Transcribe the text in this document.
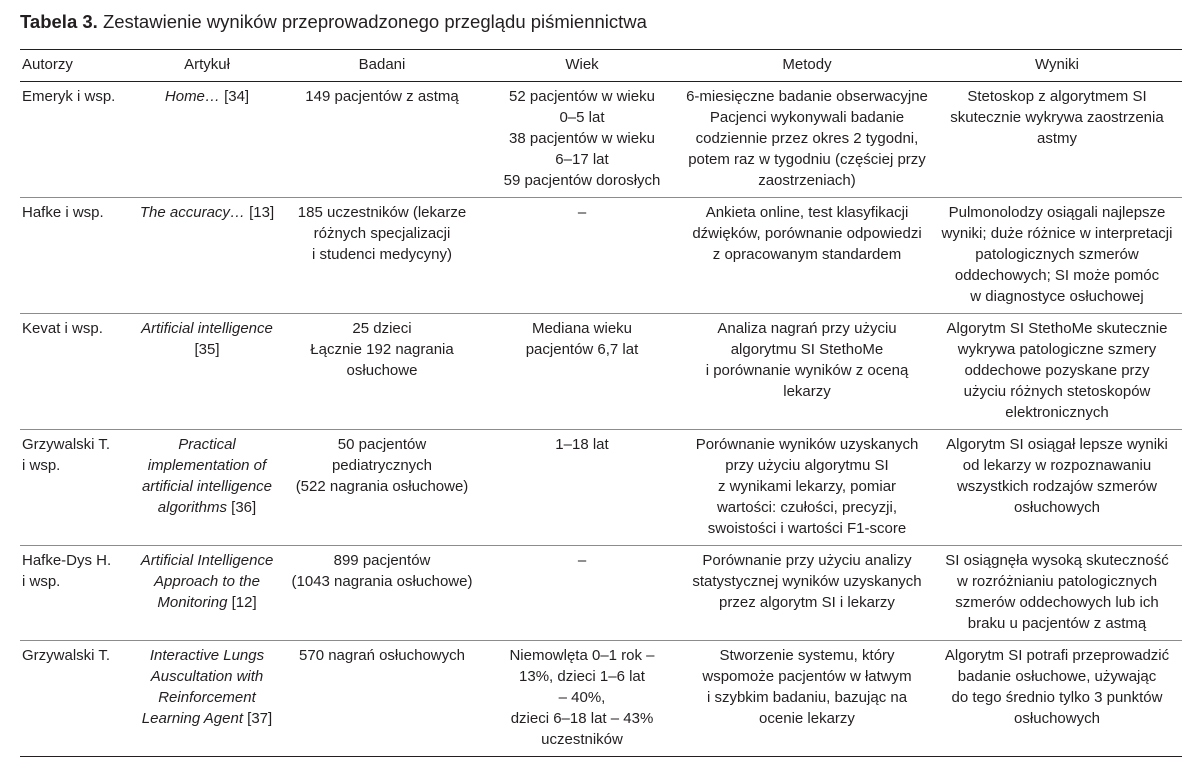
Tabela 3. Zestawienie wyników przeprowadzonego przeglądu piśmiennictwa
Autorzy	Artykuł	Badani	Wiek	Metody	Wyniki

Emeryk i wsp.	Home… [34]	149 pacjentów z astmą	52 pacjentów w wieku
0–5 lat
38 pacjentów w wieku
6–17 lat
59 pacjentów dorosłych	6-miesięczne badanie obserwacyjne
Pacjenci wykonywali badanie
codziennie przez okres 2 tygodni,
potem raz w tygodniu (częściej przy
zaostrzeniach)	Stetoskop z algorytmem SI
skutecznie wykrywa zaostrzenia
astmy

Hafke i wsp.	The accuracy… [13]	185 uczestników (lekarze
różnych specjalizacji
i studenci medycyny)	–	Ankieta online, test klasyfikacji
dźwięków, porównanie odpowiedzi
z opracowanym standardem	Pulmonolodzy osiągali najlepsze
wyniki; duże różnice w interpretacji
patologicznych szmerów
oddechowych; SI może pomóc
w diagnostyce osłuchowej

Kevat i wsp.	Artificial intelligence [35]	25 dzieci
Łącznie 192 nagrania
osłuchowe	Mediana wieku
pacjentów 6,7 lat	Analiza nagrań przy użyciu
algorytmu SI StethoMe
i porównanie wyników z oceną
lekarzy	Algorytm SI StethoMe skutecznie
wykrywa patologiczne szmery
oddechowe pozyskane przy
użyciu różnych stetoskopów
elektronicznych

Grzywalski T.
i wsp.	Practical
implementation of
artificial intelligence
algorithms [36]	50 pacjentów
pediatrycznych
(522 nagrania osłuchowe)	1–18 lat	Porównanie wyników uzyskanych
przy użyciu algorytmu SI
z wynikami lekarzy, pomiar
wartości: czułości, precyzji,
swoistości i wartości F1-score	Algorytm SI osiągał lepsze wyniki
od lekarzy w rozpoznawaniu
wszystkich rodzajów szmerów
osłuchowych

Hafke-Dys H.
i wsp.	Artificial Intelligence
Approach to the
Monitoring [12]	899 pacjentów
(1043 nagrania osłuchowe)	–	Porównanie przy użyciu analizy
statystycznej wyników uzyskanych
przez algorytm SI i lekarzy	SI osiągnęła wysoką skuteczność
w rozróżnianiu patologicznych
szmerów oddechowych lub ich
braku u pacjentów z astmą

Grzywalski T.	Interactive Lungs
Auscultation with
Reinforcement
Learning Agent [37]	570 nagrań osłuchowych	Niemowlęta 0–1 rok –
13%, dzieci 1–6 lat
– 40%,
dzieci 6–18 lat – 43%
uczestników	Stworzenie systemu, który
wspomoże pacjentów w łatwym
i szybkim badaniu, bazując na
ocenie lekarzy	Algorytm SI potrafi przeprowadzić
badanie osłuchowe, używając
do tego średnio tylko 3 punktów
osłuchowych
